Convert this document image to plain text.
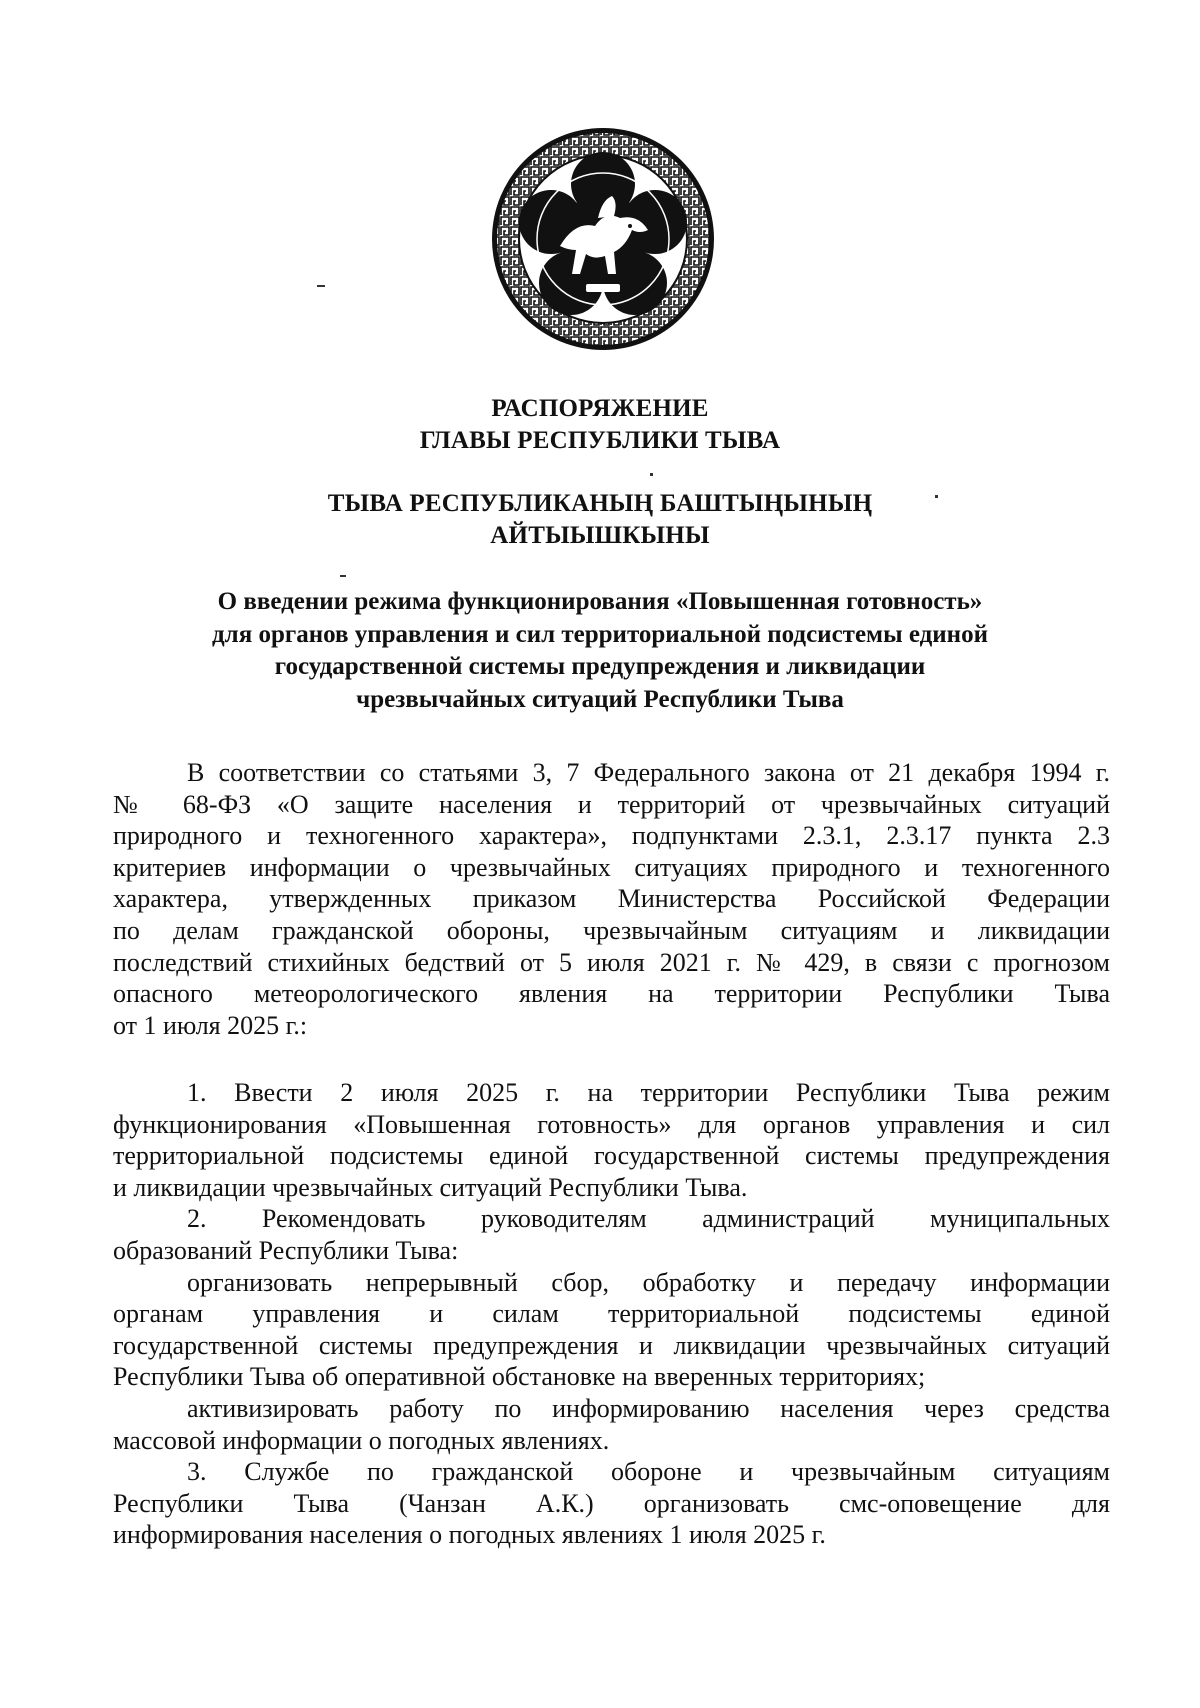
РАСПОРЯЖЕНИЕ
ГЛАВЫ РЕСПУБЛИКИ ТЫВА
ТЫВА РЕСПУБЛИКАНЫҢ БАШТЫҢЫНЫҢ
АЙТЫЫШКЫНЫ
О введении режима функционирования «Повышенная готовность»
для органов управления и сил территориальной подсистемы единой
государственной системы предупреждения и ликвидации
чрезвычайных ситуаций Республики Тыва
В соответствии со статьями 3, 7 Федерального закона от 21 декабря 1994 г.
№ 68-ФЗ «О защите населения и территорий от чрезвычайных ситуаций
природного и техногенного характера», подпунктами 2.3.1, 2.3.17 пункта 2.3
критериев информации о чрезвычайных ситуациях природного и техногенного
характера, утвержденных приказом Министерства Российской Федерации
по делам гражданской обороны, чрезвычайным ситуациям и ликвидации
последствий стихийных бедствий от 5 июля 2021 г. № 429, в связи с прогнозом
опасного метеорологического явления на территории Республики Тыва
от 1 июля 2025 г.:
1. Ввести 2 июля 2025 г. на территории Республики Тыва режим
функционирования «Повышенная готовность» для органов управления и сил
территориальной подсистемы единой государственной системы предупреждения
и ликвидации чрезвычайных ситуаций Республики Тыва.
2. Рекомендовать руководителям администраций муниципальных
образований Республики Тыва:
организовать непрерывный сбор, обработку и передачу информации
органам управления и силам территориальной подсистемы единой
государственной системы предупреждения и ликвидации чрезвычайных ситуаций
Республики Тыва об оперативной обстановке на вверенных территориях;
активизировать работу по информированию населения через средства
массовой информации о погодных явлениях.
3. Службе по гражданской обороне и чрезвычайным ситуациям
Республики Тыва (Чанзан А.К.) организовать смс-оповещение для
информирования населения о погодных явлениях 1 июля 2025 г.
